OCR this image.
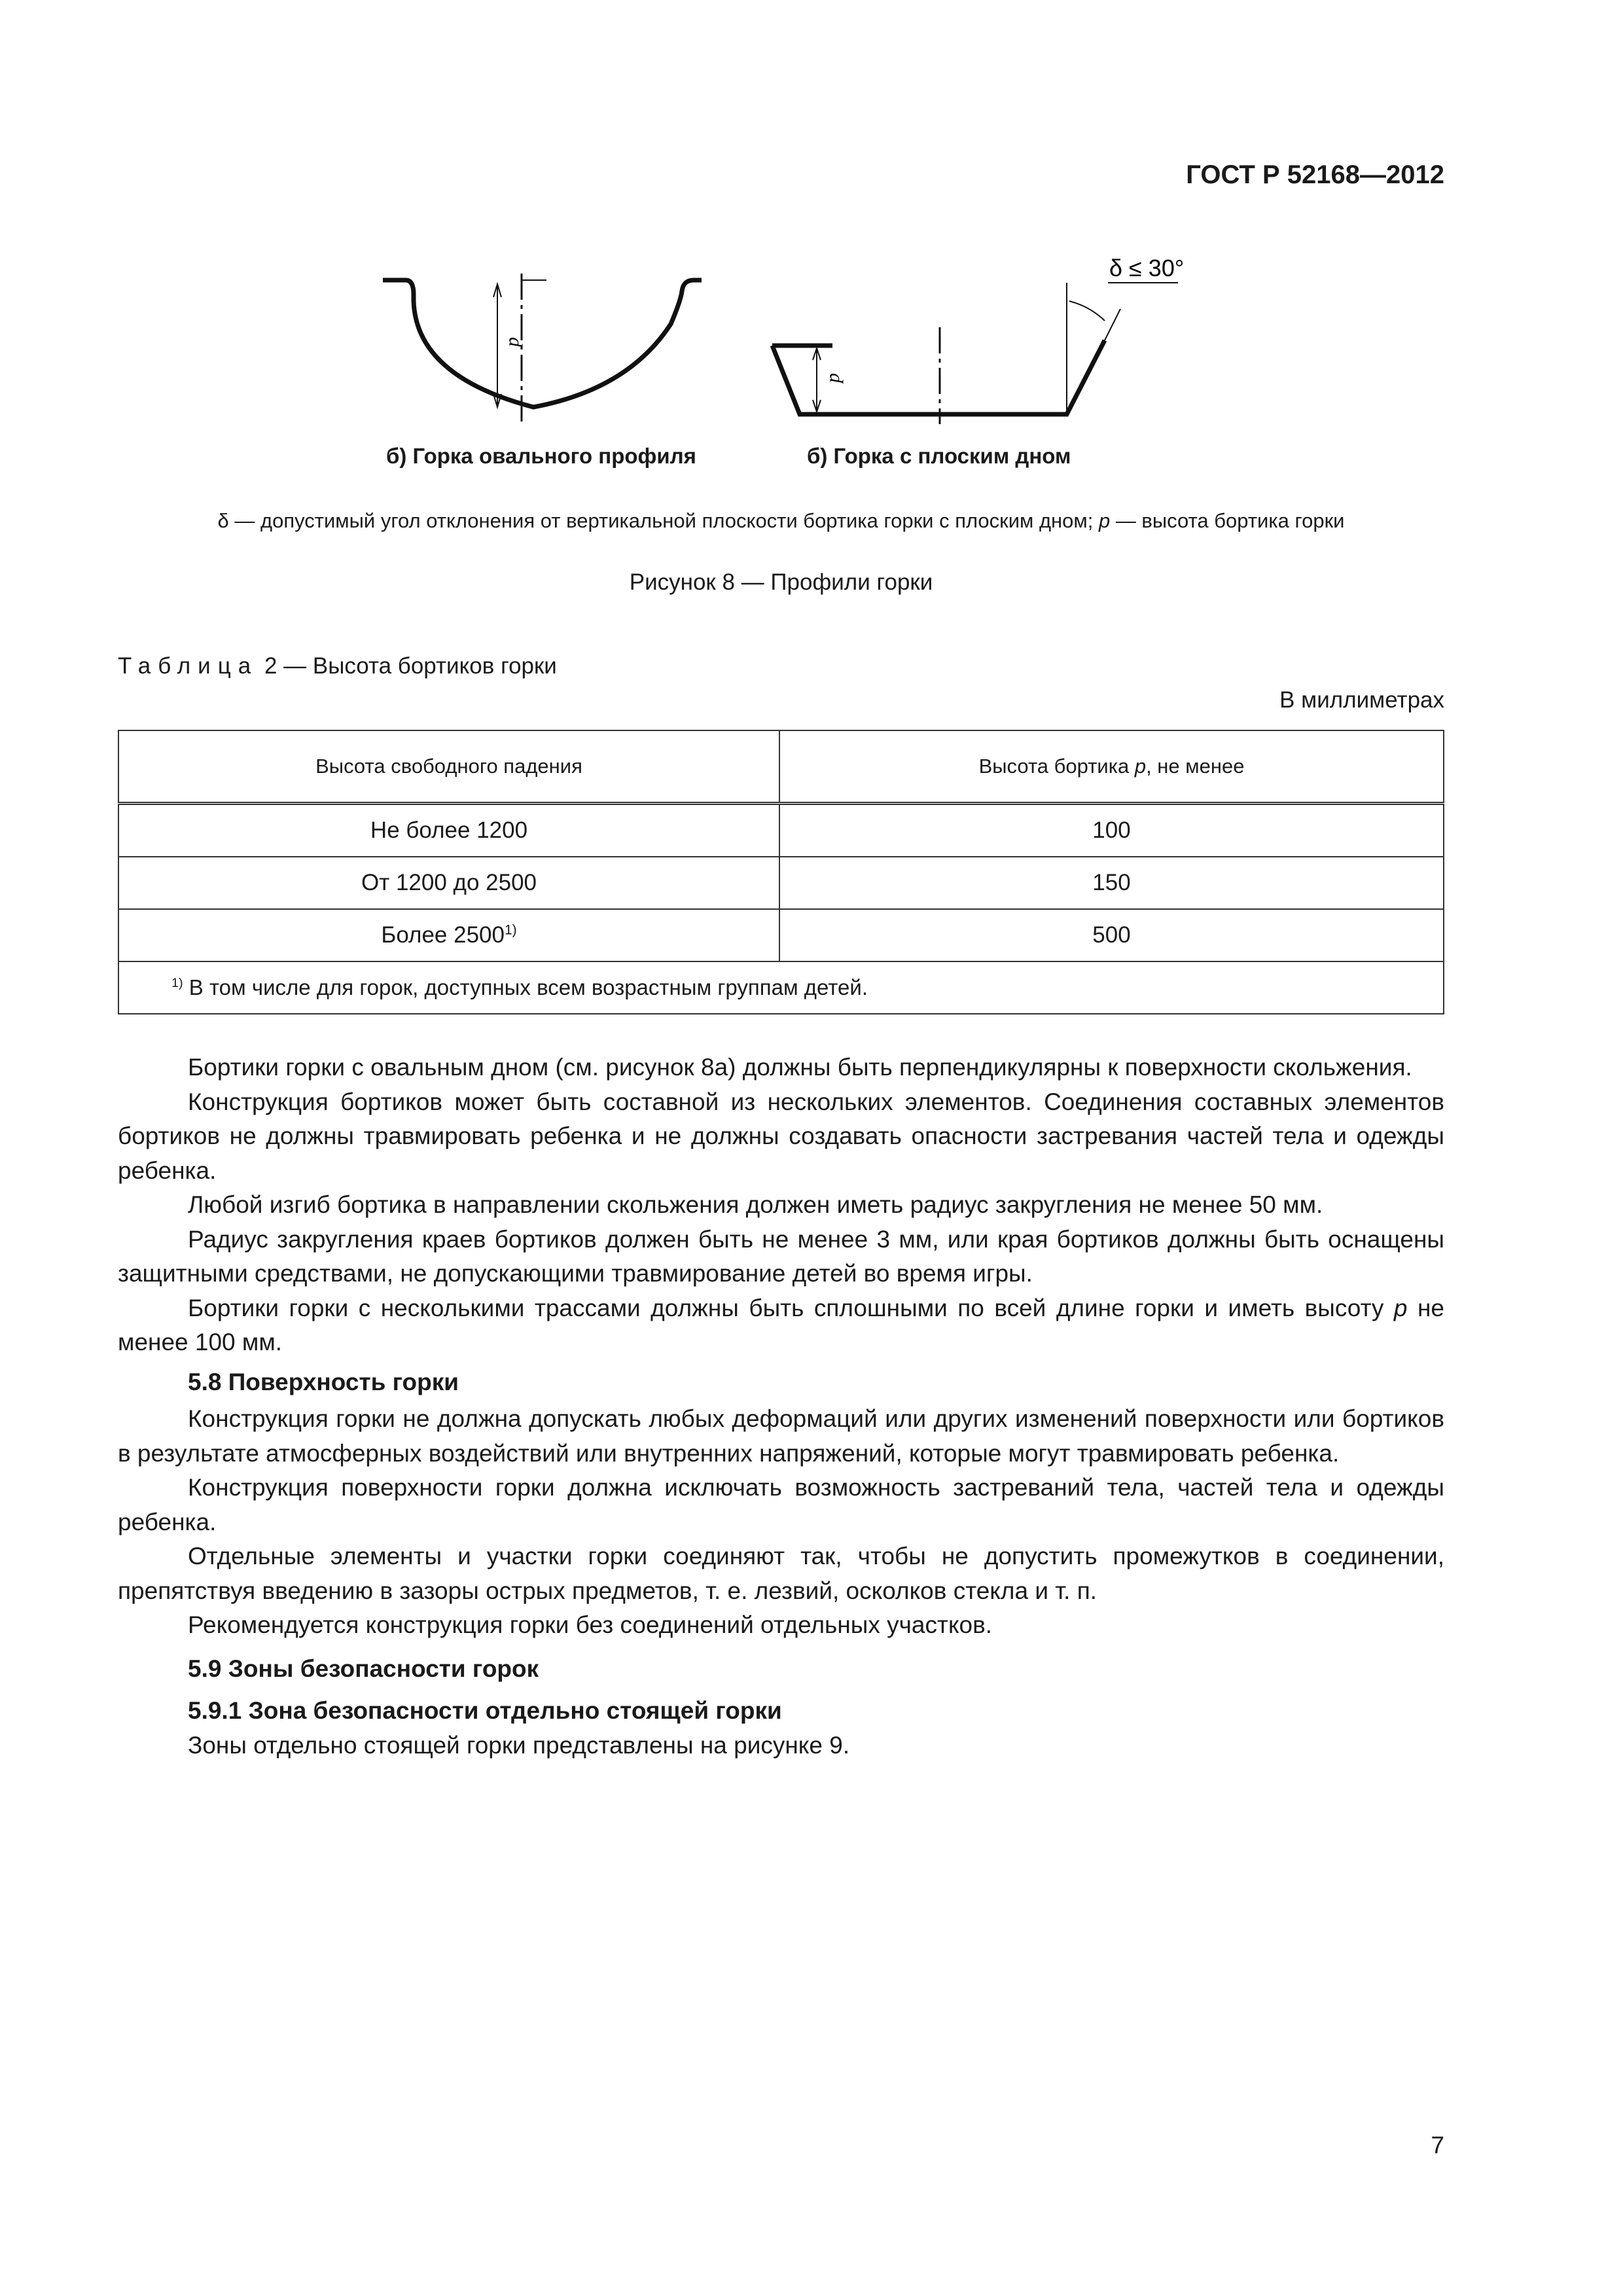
ГОСТ Р 52168—2012
p
p
δ ≤ 30°
б) Горка овального профиля	б) Горка с плоским дном
δ — допустимый угол отклонения от вертикальной плоскости бортика горки с плоским дном; p — высота бортика горки
Рисунок 8 — Профили горки
Таблица 2 — Высота бортиков горки
В миллиметрах
Высота свободного падения	Высота бортика p, не менее
Не более 1200	100
От 1200 до 2500	150
Более 2500$^{1)}$	500
$^{1)}$ В том числе для горок, доступных всем возрастным группам детей.	

Бортики горки с овальным дном (см. рисунок 8а) должны быть перпендикулярны к поверхности скольжения.

Конструкция бортиков может быть составной из нескольких элементов. Соединения составных элементов бортиков не должны травмировать ребенка и не должны создавать опасности застревания частей тела и одежды ребенка.

Любой изгиб бортика в направлении скольжения должен иметь радиус закругления не менее 50 мм.

Радиус закругления краев бортиков должен быть не менее 3 мм, или края бортиков должны быть оснащены защитными средствами, не допускающими травмирование детей во время игры.

Бортики горки с несколькими трассами должны быть сплошными по всей длине горки и иметь высоту p не менее 100 мм.

5.8 Поверхность горки

Конструкция горки не должна допускать любых деформаций или других изменений поверхности или бортиков в результате атмосферных воздействий или внутренних напряжений, которые могут травмировать ребенка.

Конструкция поверхности горки должна исключать возможность застреваний тела, частей тела и одежды ребенка.

Отдельные элементы и участки горки соединяют так, чтобы не допустить промежутков в соединении, препятствуя введению в зазоры острых предметов, т. е. лезвий, осколков стекла и т. п.

Рекомендуется конструкция горки без соединений отдельных участков.

5.9 Зоны безопасности горок
5.9.1 Зона безопасности отдельно стоящей горки

Зоны отдельно стоящей горки представлены на рисунке 9.

7
